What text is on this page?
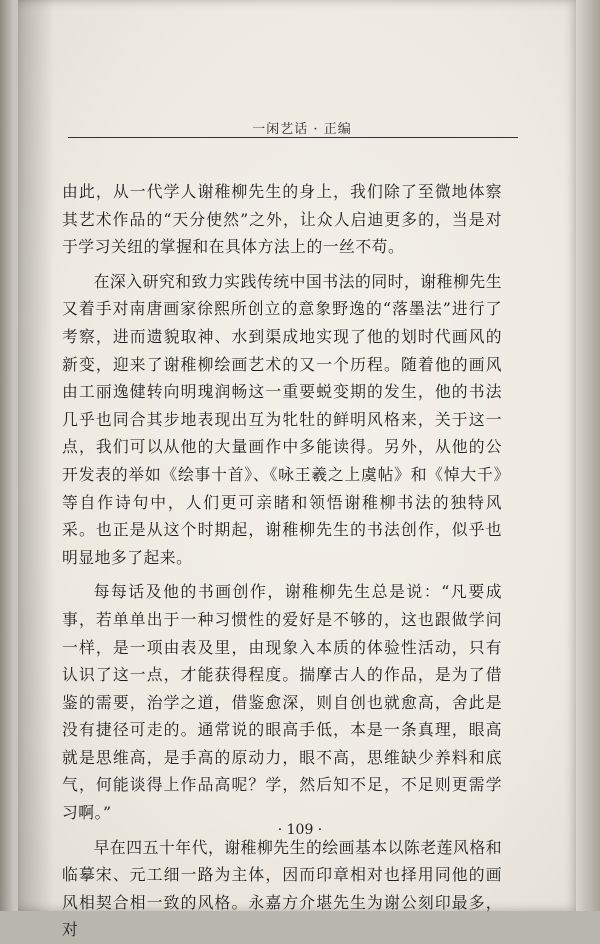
一闲艺话 · 正编

由此，从一代学人谢稚柳先生的身上，我们除了至微地体察其艺术作品的“天分使然”之外，让众人启迪更多的，当是对于学习关纽的掌握和在具体方法上的一丝不苟。

在深入研究和致力实践传统中国书法的同时，谢稚柳先生又着手对南唐画家徐熙所创立的意象野逸的“落墨法”进行了考察，进而遗貌取神、水到渠成地实现了他的划时代画风的新变，迎来了谢稚柳绘画艺术的又一个历程。随着他的画风由工丽逸健转向明瑰润畅这一重要蜕变期的发生，他的书法几乎也同合其步地表现出互为牝牡的鲜明风格来，关于这一点，我们可以从他的大量画作中多能读得。另外，从他的公开发表的举如《绘事十首》、《咏王羲之上虞帖》和《悼大千》等自作诗句中，人们更可亲睹和领悟谢稚柳书法的独特风采。也正是从这个时期起，谢稚柳先生的书法创作，似乎也明显地多了起来。

每每话及他的书画创作，谢稚柳先生总是说：“凡要成事，若单单出于一种习惯性的爱好是不够的，这也跟做学问一样，是一项由表及里，由现象入本质的体验性活动，只有认识了这一点，才能获得程度。揣摩古人的作品，是为了借鉴的需要，治学之道，借鉴愈深，则自创也就愈高，舍此是没有捷径可走的。通常说的眼高手低，本是一条真理，眼高就是思维高，是手高的原动力，眼不高，思维缺少养料和底气，何能谈得上作品高呢？学，然后知不足，不足则更需学习啊。”

早在四五十年代，谢稚柳先生的绘画基本以陈老莲风格和临摹宋、元工细一路为主体，因而印章相对也择用同他的画风相契合相一致的风格。永嘉方介堪先生为谢公刻印最多，对

· 109 ·
